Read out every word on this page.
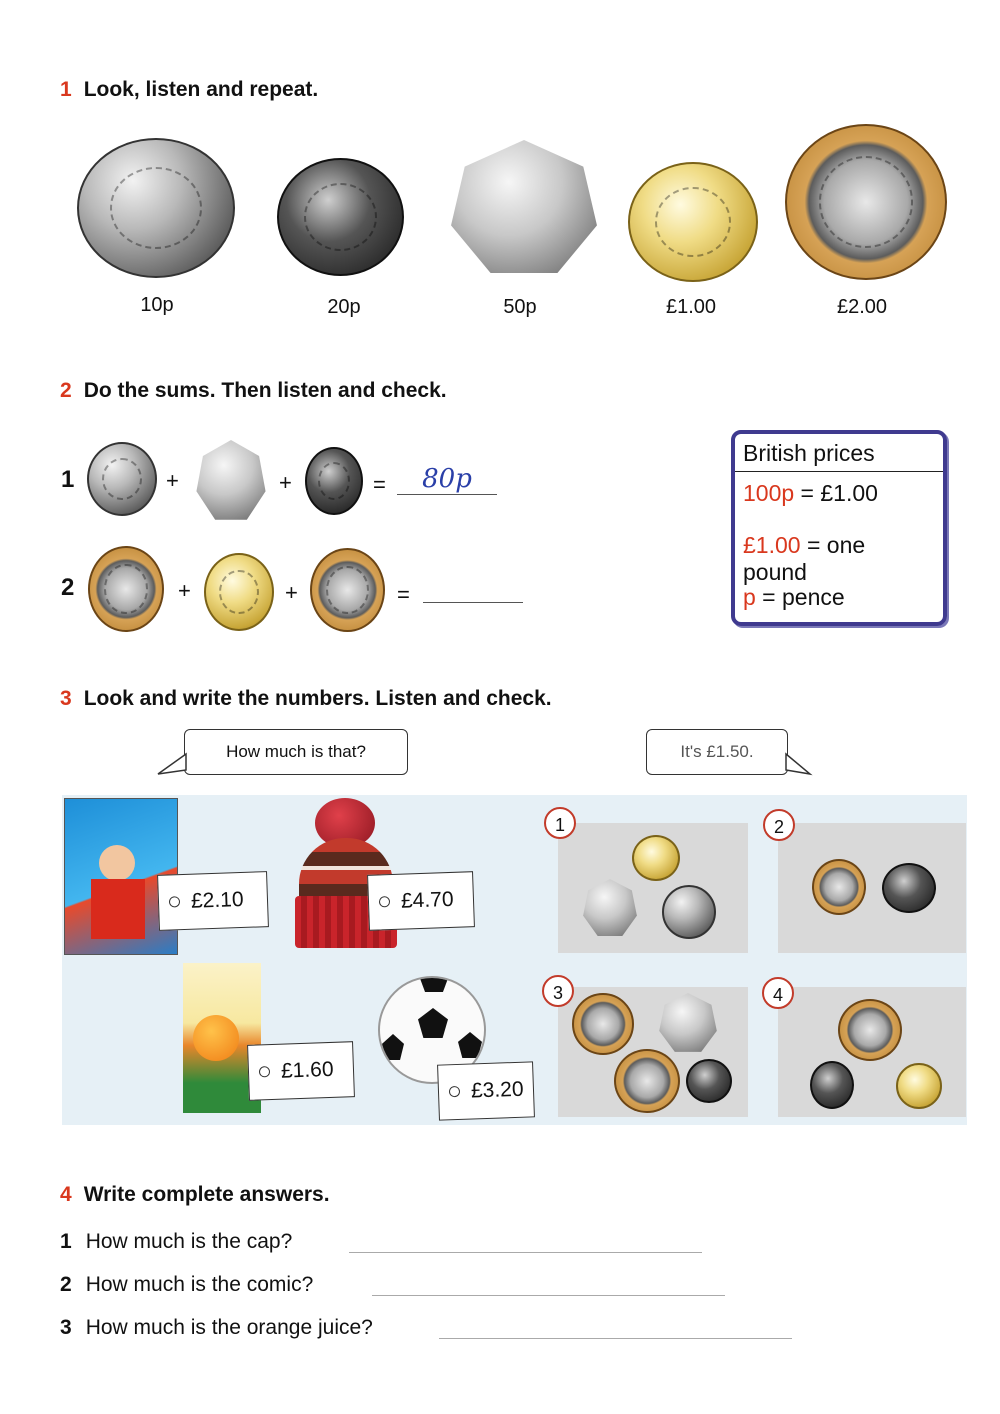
1 Look, listen and repeat.
10p	20p	50p	£1.00	£2.00
2 Do the sums. Then listen and check.
1	+	+	=	80p
2	+	+	=
British prices
100p = £1.00
£1.00 = one pound
p = pence
3 Look and write the numbers. Listen and check.
How much is that?	It's £1.50.
£2.10	£4.70
£1.60
£3.20
1	2
3	4
4 Write complete answers.
1 How much is the cap?
2 How much is the comic?
3 How much is the orange juice?
